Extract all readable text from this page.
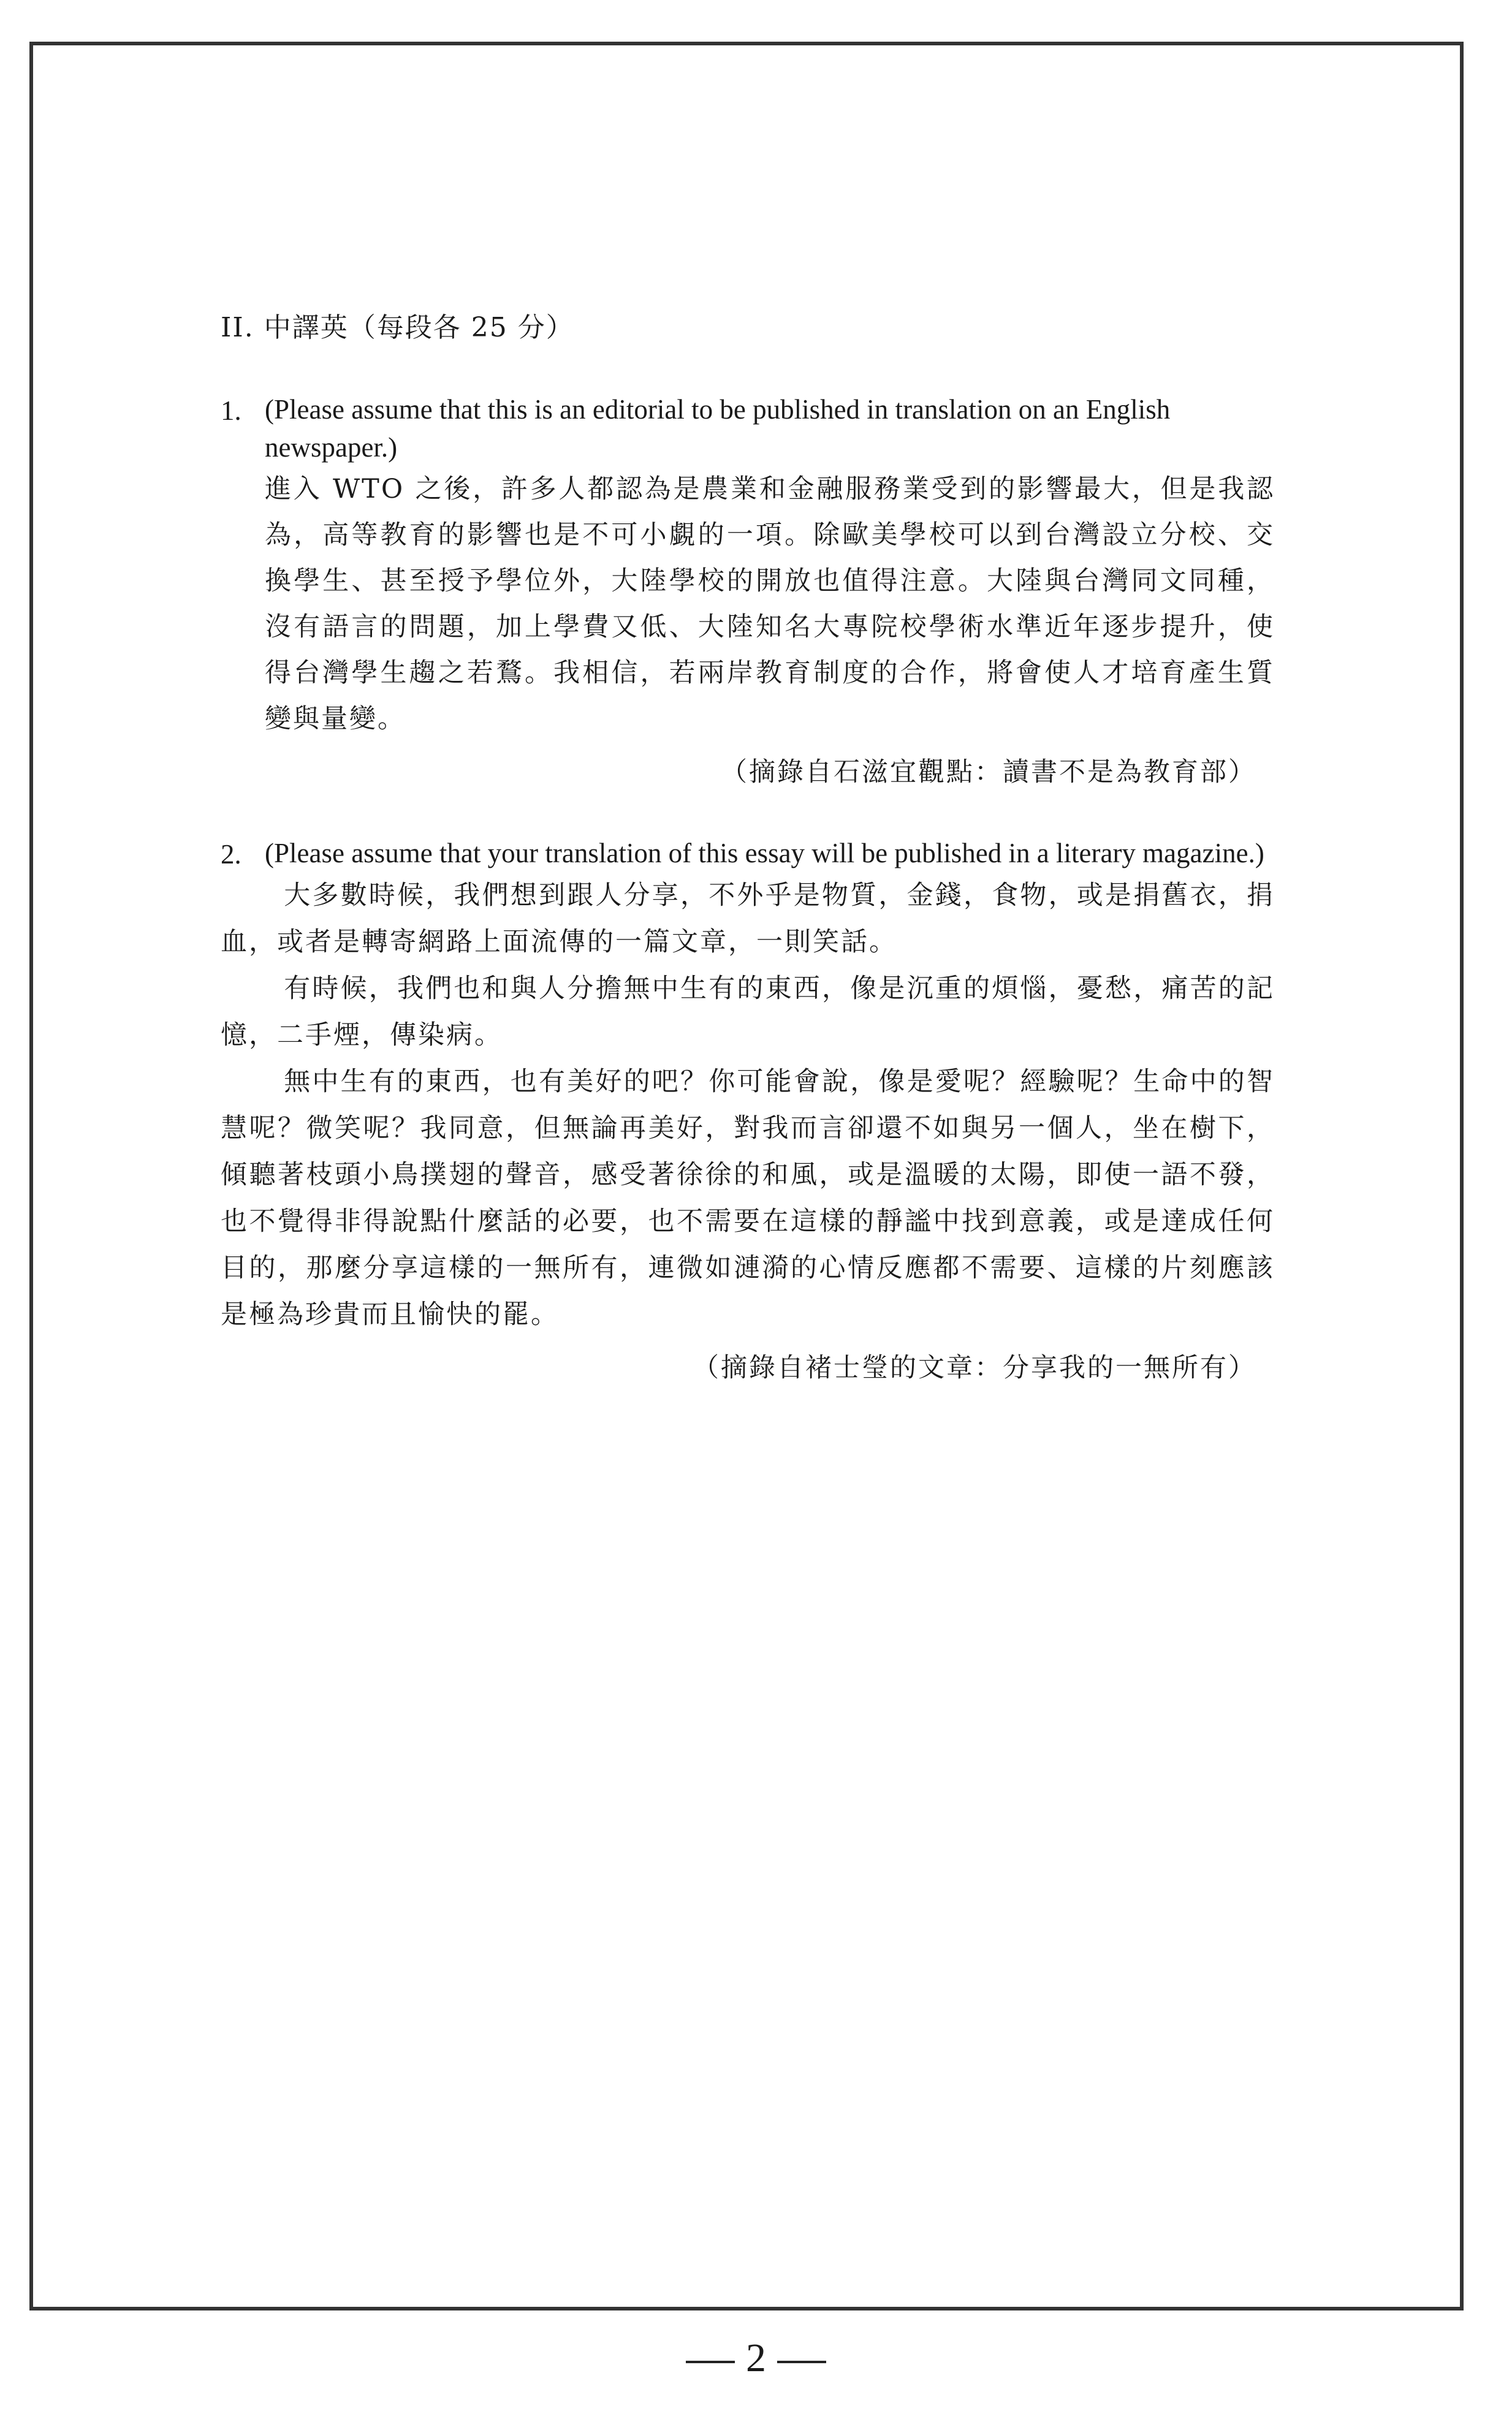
II. 中譯英（每段各 25 分）
1. (Please assume that this is an editorial to be published in translation on an English newspaper.)
進入 WTO 之後，許多人都認為是農業和金融服務業受到的影響最大，但是我認為，高等教育的影響也是不可小覷的一項。除歐美學校可以到台灣設立分校、交換學生、甚至授予學位外，大陸學校的開放也值得注意。大陸與台灣同文同種，沒有語言的問題，加上學費又低、大陸知名大專院校學術水準近年逐步提升，使得台灣學生趨之若鶩。我相信，若兩岸教育制度的合作，將會使人才培育產生質變與量變。
（摘錄自石滋宜觀點：讀書不是為教育部）
2. (Please assume that your translation of this essay will be published in a literary magazine.)

大多數時候，我們想到跟人分享，不外乎是物質，金錢，食物，或是捐舊衣，捐血，或者是轉寄網路上面流傳的一篇文章，一則笑話。

有時候，我們也和與人分擔無中生有的東西，像是沉重的煩惱，憂愁，痛苦的記憶，二手煙，傳染病。

無中生有的東西，也有美好的吧？你可能會說，像是愛呢？經驗呢？生命中的智慧呢？微笑呢？我同意，但無論再美好，對我而言卻還不如與另一個人，坐在樹下，傾聽著枝頭小鳥撲翅的聲音，感受著徐徐的和風，或是溫暖的太陽，即使一語不發，也不覺得非得說點什麼話的必要，也不需要在這樣的靜謐中找到意義，或是達成任何目的，那麼分享這樣的一無所有，連微如漣漪的心情反應都不需要、這樣的片刻應該是極為珍貴而且愉快的罷。

（摘錄自褚士瑩的文章：分享我的一無所有）
2
